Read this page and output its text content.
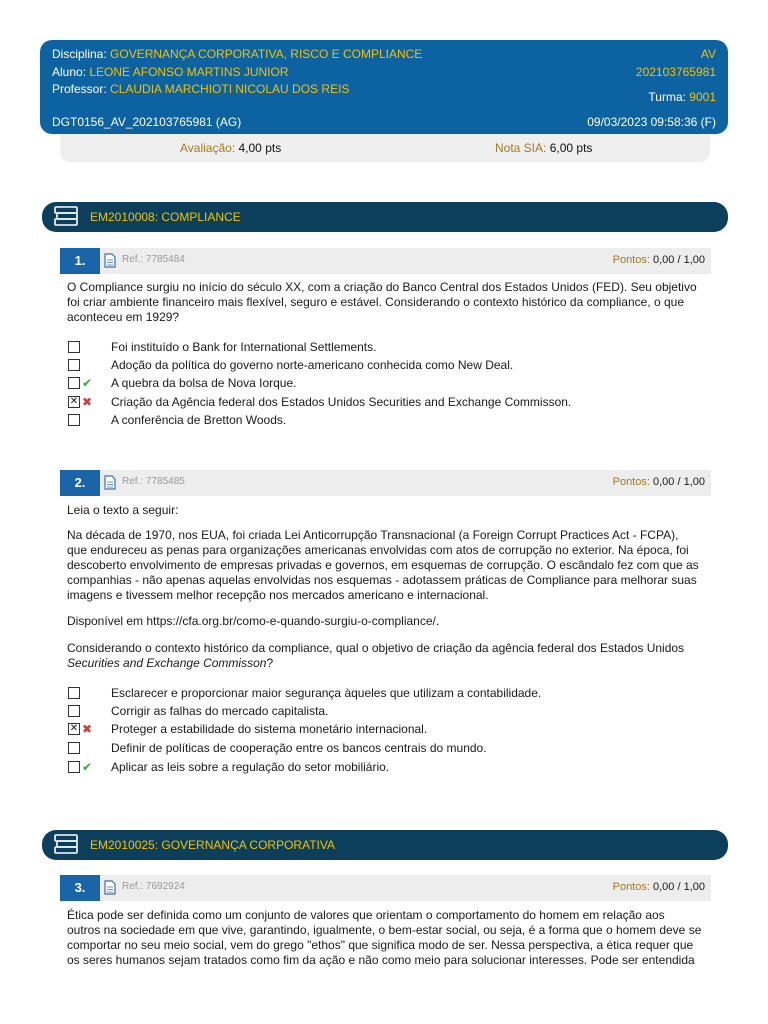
Disciplina: GOVERNANÇA CORPORATIVA, RISCO E COMPLIANCE	AV
Aluno: LEONE AFONSO MARTINS JUNIOR	202103765981
Professor: CLAUDIA MARCHIOTI NICOLAU DOS REIS
Turma: 9001
DGT0156_AV_202103765981 (AG)	09/03/2023 09:58:36 (F)
Avaliação: 4,00 pts	Nota SIA: 6,00 pts
EM2010008: COMPLIANCE
1.	Ref.: 7785484	Pontos: 0,00 / 1,00
O Compliance surgiu no início do século XX, com a criação do Banco Central dos Estados Unidos (FED). Seu objetivo
foi criar ambiente financeiro mais flexível, seguro e estável. Considerando o contexto histórico da compliance, o que
aconteceu em 1929?
Foi instituído o Bank for International Settlements.
Adoção da política do governo norte-americano conhecida como New Deal.
✔ A quebra da bolsa de Nova Iorque.
✕ ✖ Criação da Agência federal dos Estados Unidos Securities and Exchange Commisson.
A conferência de Bretton Woods.
2.	Ref.: 7785485	Pontos: 0,00 / 1,00
Leia o texto a seguir:
Na década de 1970, nos EUA, foi criada Lei Anticorrupção Transnacional (a Foreign Corrupt Practices Act - FCPA),
que endureceu as penas para organizações americanas envolvidas com atos de corrupção no exterior. Na época, foi
descoberto envolvimento de empresas privadas e governos, em esquemas de corrupção. O escândalo fez com que as
companhias - não apenas aquelas envolvidas nos esquemas - adotassem práticas de Compliance para melhorar suas
imagens e tivessem melhor recepção nos mercados americano e internacional.
Disponível em https://cfa.org.br/como-e-quando-surgiu-o-compliance/.
Considerando o contexto histórico da compliance, qual o objetivo de criação da agência federal dos Estados Unidos
Securities and Exchange Commisson?
Esclarecer e proporcionar maior segurança àqueles que utilizam a contabilidade.
Corrigir as falhas do mercado capitalista.
✕ ✖ Proteger a estabilidade do sistema monetário internacional.
Definir de políticas de cooperação entre os bancos centrais do mundo.
✔ Aplicar as leis sobre a regulação do setor mobiliário.
EM2010025: GOVERNANÇA CORPORATIVA
3.	Ref.: 7692924	Pontos: 0,00 / 1,00
Ética pode ser definida como um conjunto de valores que orientam o comportamento do homem em relação aos
outros na sociedade em que vive, garantindo, igualmente, o bem-estar social, ou seja, é a forma que o homem deve se
comportar no seu meio social, vem do grego "ethos" que significa modo de ser. Nessa perspectiva, a ética requer que
os seres humanos sejam tratados como fim da ação e não como meio para solucionar interesses. Pode ser entendida
